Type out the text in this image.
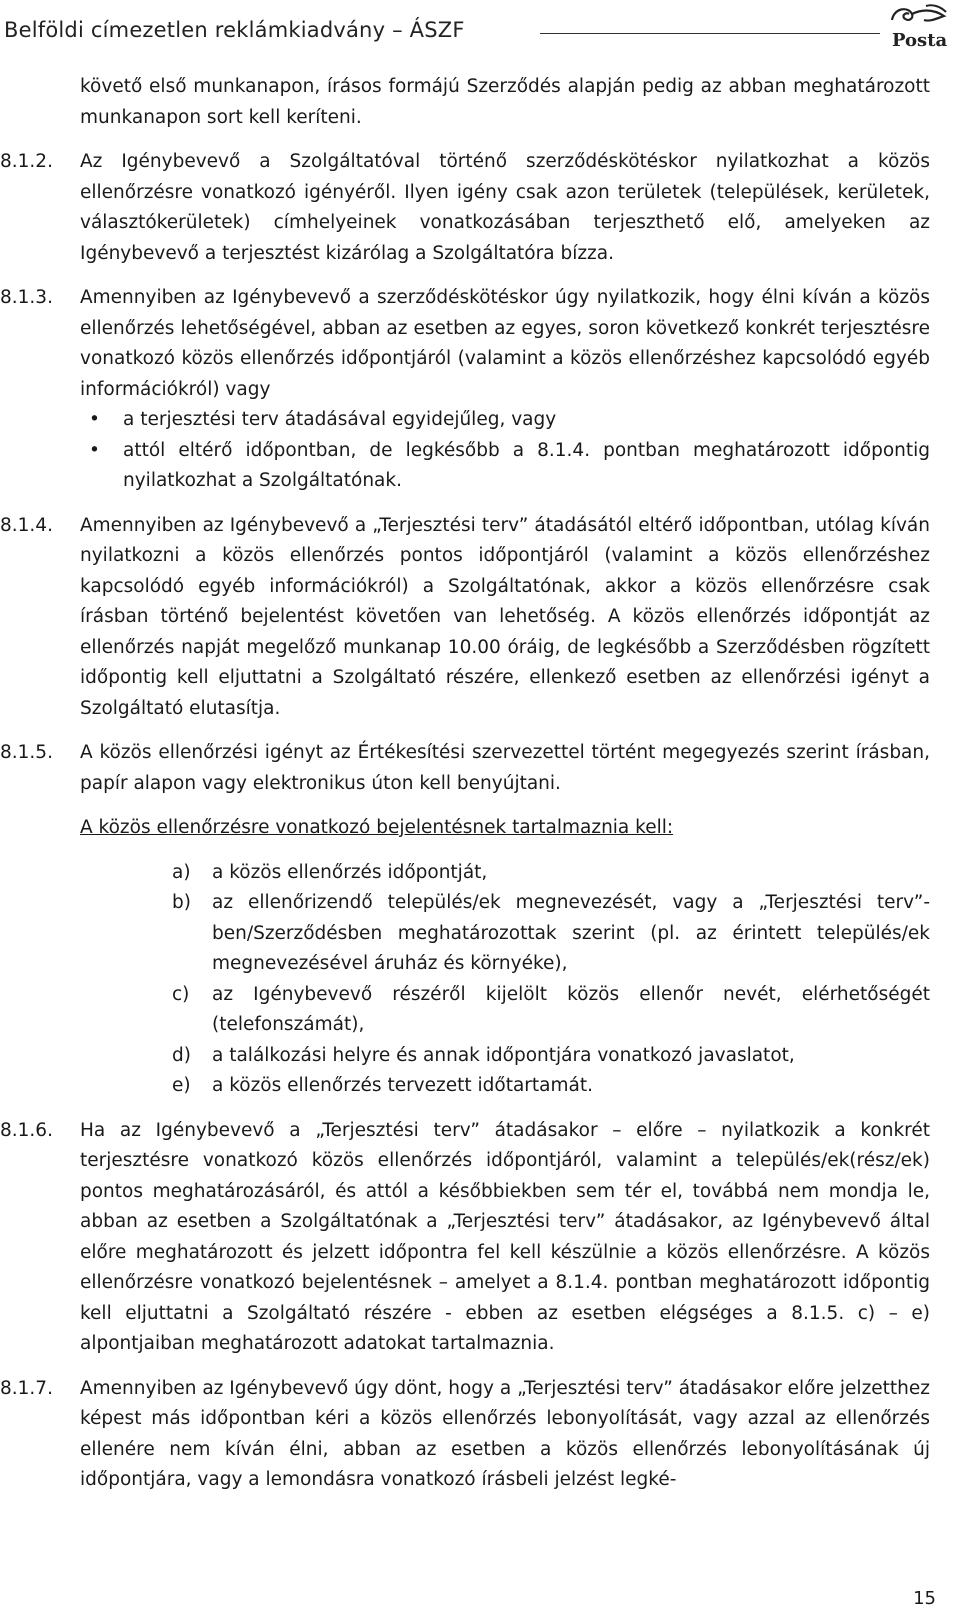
Belföldi címezetlen reklámkiadvány – ÁSZF	Posta

követő első munkanapon, írásos formájú Szerződés alapján pedig az abban meghatározott munkanapon sort kell keríteni.

8.1.2. Az Igénybevevő a Szolgáltatóval történő szerződéskötéskor nyilatkozhat a közös ellenőrzésre vonatkozó igényéről. Ilyen igény csak azon területek (települések, kerületek, választókerületek) címhelyeinek vonatkozásában terjeszthető elő, amelyeken az Igénybevevő a terjesztést kizárólag a Szolgáltatóra bízza.

8.1.3. Amennyiben az Igénybevevő a szerződéskötéskor úgy nyilatkozik, hogy élni kíván a közös ellenőrzés lehetőségével, abban az esetben az egyes, soron következő konkrét terjesztésre vonatkozó közös ellenőrzés időpontjáról (valamint a közös ellenőrzéshez kapcsolódó egyéb információkról) vagy

• a terjesztési terv átadásával egyidejűleg, vagy
• attól eltérő időpontban, de legkésőbb a 8.1.4. pontban meghatározott időpontig nyilatkozhat a Szolgáltatónak.
8.1.4. Amennyiben az Igénybevevő a „Terjesztési terv” átadásától eltérő időpontban, utólag kíván nyilatkozni a közös ellenőrzés pontos időpontjáról (valamint a közös ellenőrzéshez kapcsolódó egyéb információkról) a Szolgáltatónak, akkor a közös ellenőrzésre csak írásban történő bejelentést követően van lehetőség. A közös ellenőrzés időpontját az ellenőrzés napját megelőző munkanap 10.00 óráig, de legkésőbb a Szerződésben rögzített időpontig kell eljuttatni a Szolgáltató részére, ellenkező esetben az ellenőrzési igényt a Szolgáltató elutasítja.

8.1.5. A közös ellenőrzési igényt az Értékesítési szervezettel történt megegyezés szerint írásban, papír alapon vagy elektronikus úton kell benyújtani.

A közös ellenőrzésre vonatkozó bejelentésnek tartalmaznia kell:

a) a közös ellenőrzés időpontját,
b) az ellenőrizendő település/ek megnevezését, vagy a „Terjesztési terv”-ben/Szerződésben meghatározottak szerint (pl. az érintett település/ek megnevezésével áruház és környéke),
c) az Igénybevevő részéről kijelölt közös ellenőr nevét, elérhetőségét (telefonszámát),
d) a találkozási helyre és annak időpontjára vonatkozó javaslatot,
e) a közös ellenőrzés tervezett időtartamát.
8.1.6. Ha az Igénybevevő a „Terjesztési terv” átadásakor – előre – nyilatkozik a konkrét terjesztésre vonatkozó közös ellenőrzés időpontjáról, valamint a település/ek(rész/ek) pontos meghatározásáról, és attól a későbbiekben sem tér el, továbbá nem mondja le, abban az esetben a Szolgáltatónak a „Terjesztési terv” átadásakor, az Igénybevevő által előre meghatározott és jelzett időpontra fel kell készülnie a közös ellenőrzésre. A közös ellenőrzésre vonatkozó bejelentésnek – amelyet a 8.1.4. pontban meghatározott időpontig kell eljuttatni a Szolgáltató részére - ebben az esetben elégséges a 8.1.5. c) – e) alpontjaiban meghatározott adatokat tartalmaznia.

8.1.7. Amennyiben az Igénybevevő úgy dönt, hogy a „Terjesztési terv” átadásakor előre jelzetthez képest más időpontban kéri a közös ellenőrzés lebonyolítását, vagy azzal az ellenőrzés ellenére nem kíván élni, abban az esetben a közös ellenőrzés lebonyolításának új időpontjára, vagy a lemondásra vonatkozó írásbeli jelzést legké-

15
